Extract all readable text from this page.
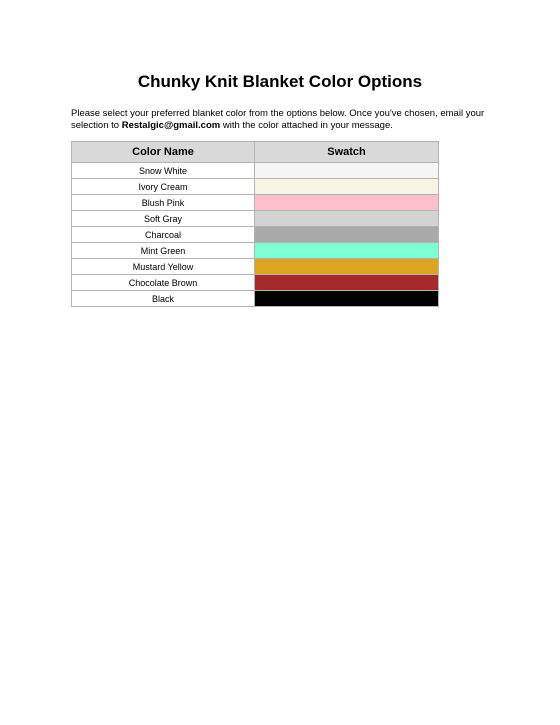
Chunky Knit Blanket Color Options

Please select your preferred blanket color from the options below. Once you've chosen, email your selection to Restalgic@gmail.com with the color attached in your message.

Color Name	Swatch
Snow White	
Ivory Cream	
Blush Pink	
Soft Gray	
Charcoal	
Mint Green	
Mustard Yellow	
Chocolate Brown	
Black	
